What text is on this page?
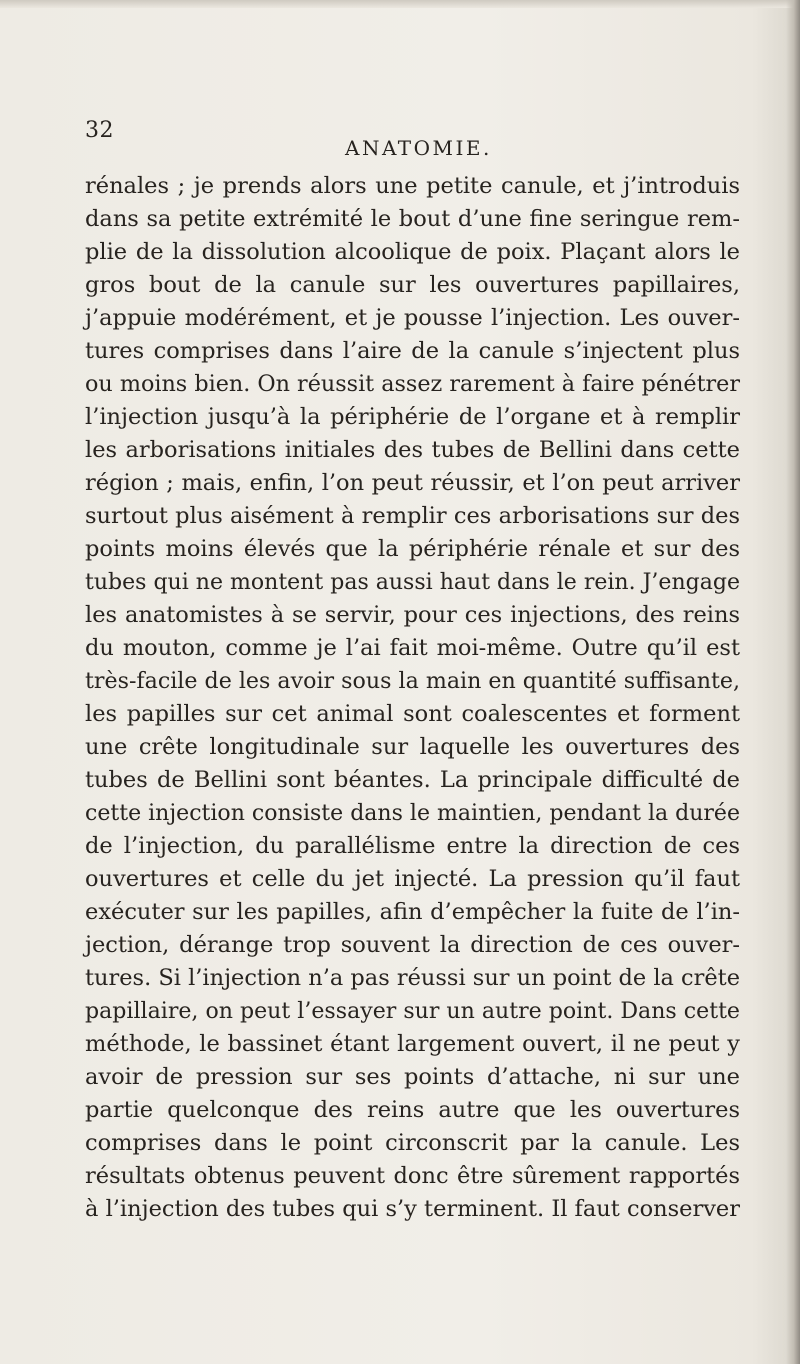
32
ANATOMIE.
rénales ; je prends alors une petite canule, et j’introduis
dans sa petite extrémité le bout d’une fine seringue rem-
plie de la dissolution alcoolique de poix. Plaçant alors le
gros bout de la canule sur les ouvertures papillaires,
j’appuie modérément, et je pousse l’injection. Les ouver-
tures comprises dans l’aire de la canule s’injectent plus
ou moins bien. On réussit assez rarement à faire pénétrer
l’injection jusqu’à la périphérie de l’organe et à remplir
les arborisations initiales des tubes de Bellini dans cette
région ; mais, enfin, l’on peut réussir, et l’on peut arriver
surtout plus aisément à remplir ces arborisations sur des
points moins élevés que la périphérie rénale et sur des
tubes qui ne montent pas aussi haut dans le rein. J’engage
les anatomistes à se servir, pour ces injections, des reins
du mouton, comme je l’ai fait moi-même. Outre qu’il est
très-facile de les avoir sous la main en quantité suffisante,
les papilles sur cet animal sont coalescentes et forment
une crête longitudinale sur laquelle les ouvertures des
tubes de Bellini sont béantes. La principale difficulté de
cette injection consiste dans le maintien, pendant la durée
de l’injection, du parallélisme entre la direction de ces
ouvertures et celle du jet injecté. La pression qu’il faut
exécuter sur les papilles, afin d’empêcher la fuite de l’in-
jection, dérange trop souvent la direction de ces ouver-
tures. Si l’injection n’a pas réussi sur un point de la crête
papillaire, on peut l’essayer sur un autre point. Dans cette
méthode, le bassinet étant largement ouvert, il ne peut y
avoir de pression sur ses points d’attache, ni sur une
partie quelconque des reins autre que les ouvertures
comprises dans le point circonscrit par la canule. Les
résultats obtenus peuvent donc être sûrement rapportés
à l’injection des tubes qui s’y terminent. Il faut conserver
